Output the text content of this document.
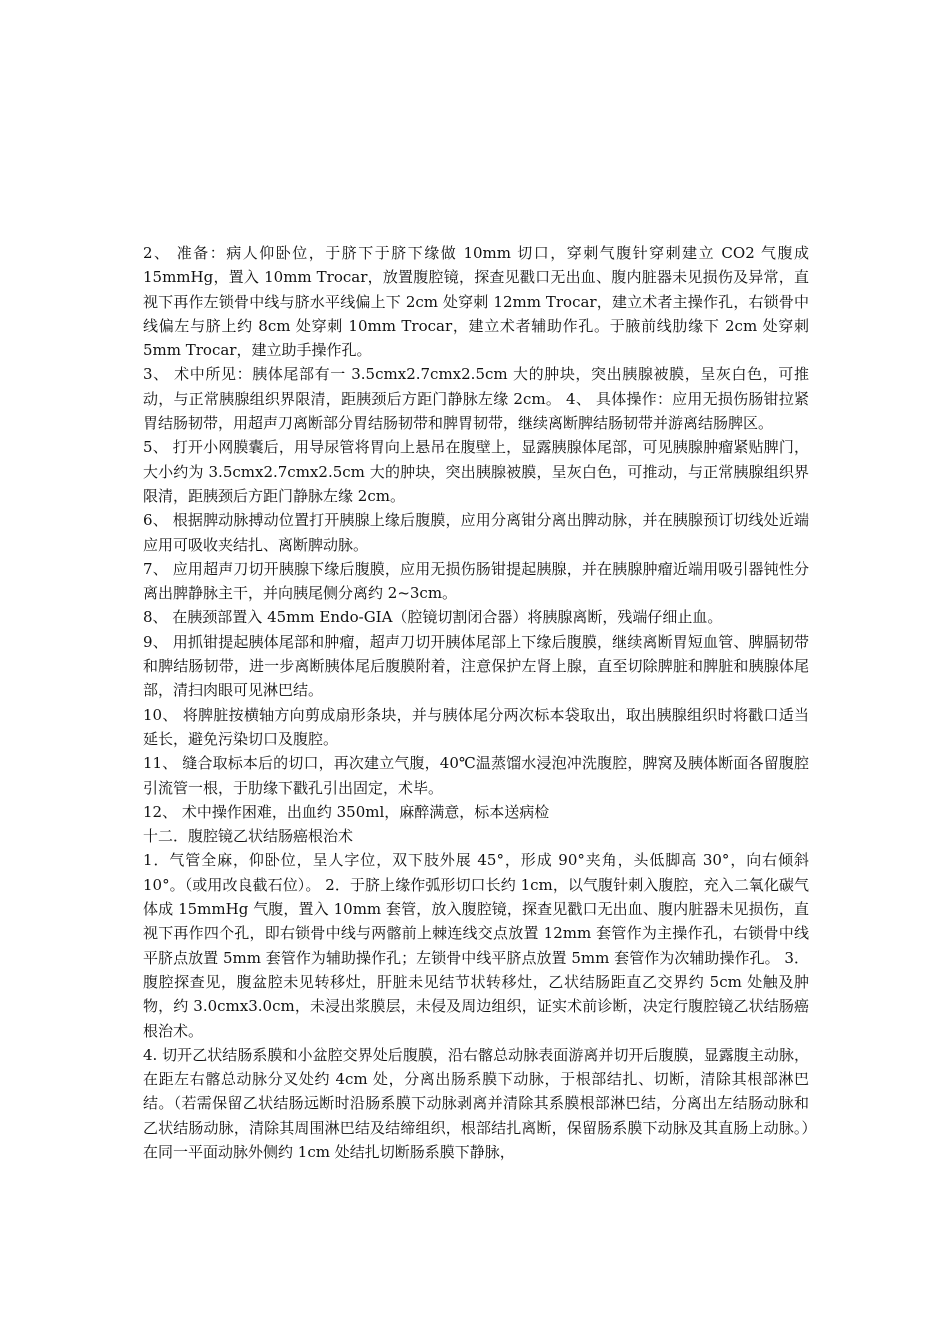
2、 准备：病人仰卧位，于脐下于脐下缘做 10mm 切口，穿刺气腹针穿刺建立 CO2 气腹成 15mmHg，置入 10mm Trocar，放置腹腔镜，探查见戳口无出血、腹内脏器未见损伤及异常，直视下再作左锁骨中线与脐水平线偏上下 2cm 处穿刺 12mm Trocar，建立术者主操作孔，右锁骨中线偏左与脐上约 8cm 处穿刺 10mm Trocar，建立术者辅助作孔。于腋前线肋缘下 2cm 处穿刺 5mm Trocar，建立助手操作孔。

3、 术中所见：胰体尾部有一 3.5cmx2.7cmx2.5cm 大的肿块，突出胰腺被膜，呈灰白色，可推动，与正常胰腺组织界限清，距胰颈后方距门静脉左缘 2cm。 4、 具体操作：应用无损伤肠钳拉紧胃结肠韧带，用超声刀离断部分胃结肠韧带和脾胃韧带，继续离断脾结肠韧带并游离结肠脾区。

5、 打开小网膜囊后，用导尿管将胃向上悬吊在腹壁上，显露胰腺体尾部，可见胰腺肿瘤紧贴脾门，大小约为 3.5cmx2.7cmx2.5cm 大的肿块，突出胰腺被膜，呈灰白色，可推动，与正常胰腺组织界限清，距胰颈后方距门静脉左缘 2cm。

6、 根据脾动脉搏动位置打开胰腺上缘后腹膜，应用分离钳分离出脾动脉，并在胰腺预订切线处近端应用可吸收夹结扎、离断脾动脉。

7、 应用超声刀切开胰腺下缘后腹膜，应用无损伤肠钳提起胰腺，并在胰腺肿瘤近端用吸引器钝性分离出脾静脉主干，并向胰尾侧分离约 2~3cm。

8、 在胰颈部置入 45mm Endo-GIA（腔镜切割闭合器）将胰腺离断，残端仔细止血。

9、 用抓钳提起胰体尾部和肿瘤，超声刀切开胰体尾部上下缘后腹膜，继续离断胃短血管、脾膈韧带和脾结肠韧带，进一步离断胰体尾后腹膜附着，注意保护左肾上腺，直至切除脾脏和脾脏和胰腺体尾部，清扫肉眼可见淋巴结。

10、 将脾脏按横轴方向剪成扇形条块，并与胰体尾分两次标本袋取出，取出胰腺组织时将戳口适当延长，避免污染切口及腹腔。

11、 缝合取标本后的切口，再次建立气腹，40℃温蒸馏水浸泡冲洗腹腔，脾窝及胰体断面各留腹腔引流管一根，于肋缘下戳孔引出固定，术毕。

12、 术中操作困难，出血约 350ml，麻醉满意，标本送病检

十二．腹腔镜乙状结肠癌根治术

1．气管全麻，仰卧位，呈人字位，双下肢外展 45°，形成 90°夹角，头低脚高 30°，向右倾斜 10°。（或用改良截石位）。 2．于脐上缘作弧形切口长约 1cm，以气腹针刺入腹腔，充入二氧化碳气体成 15mmHg 气腹，置入 10mm 套管，放入腹腔镜，探查见戳口无出血、腹内脏器未见损伤，直视下再作四个孔，即右锁骨中线与两髂前上棘连线交点放置 12mm 套管作为主操作孔，右锁骨中线平脐点放置 5mm 套管作为辅助操作孔；左锁骨中线平脐点放置 5mm 套管作为次辅助操作孔。 3．腹腔探查见，腹盆腔未见转移灶，肝脏未见结节状转移灶，乙状结肠距直乙交界约 5cm 处触及肿物，约 3.0cmx3.0cm，未浸出浆膜层，未侵及周边组织，证实术前诊断，决定行腹腔镜乙状结肠癌根治术。

4. 切开乙状结肠系膜和小盆腔交界处后腹膜，沿右髂总动脉表面游离并切开后腹膜，显露腹主动脉，在距左右髂总动脉分叉处约 4cm 处，分离出肠系膜下动脉，于根部结扎、切断，清除其根部淋巴结。（若需保留乙状结肠远断时沿肠系膜下动脉剥离并清除其系膜根部淋巴结，分离出左结肠动脉和乙状结肠动脉，清除其周围淋巴结及结缔组织，根部结扎离断，保留肠系膜下动脉及其直肠上动脉。）在同一平面动脉外侧约 1cm 处结扎切断肠系膜下静脉，
